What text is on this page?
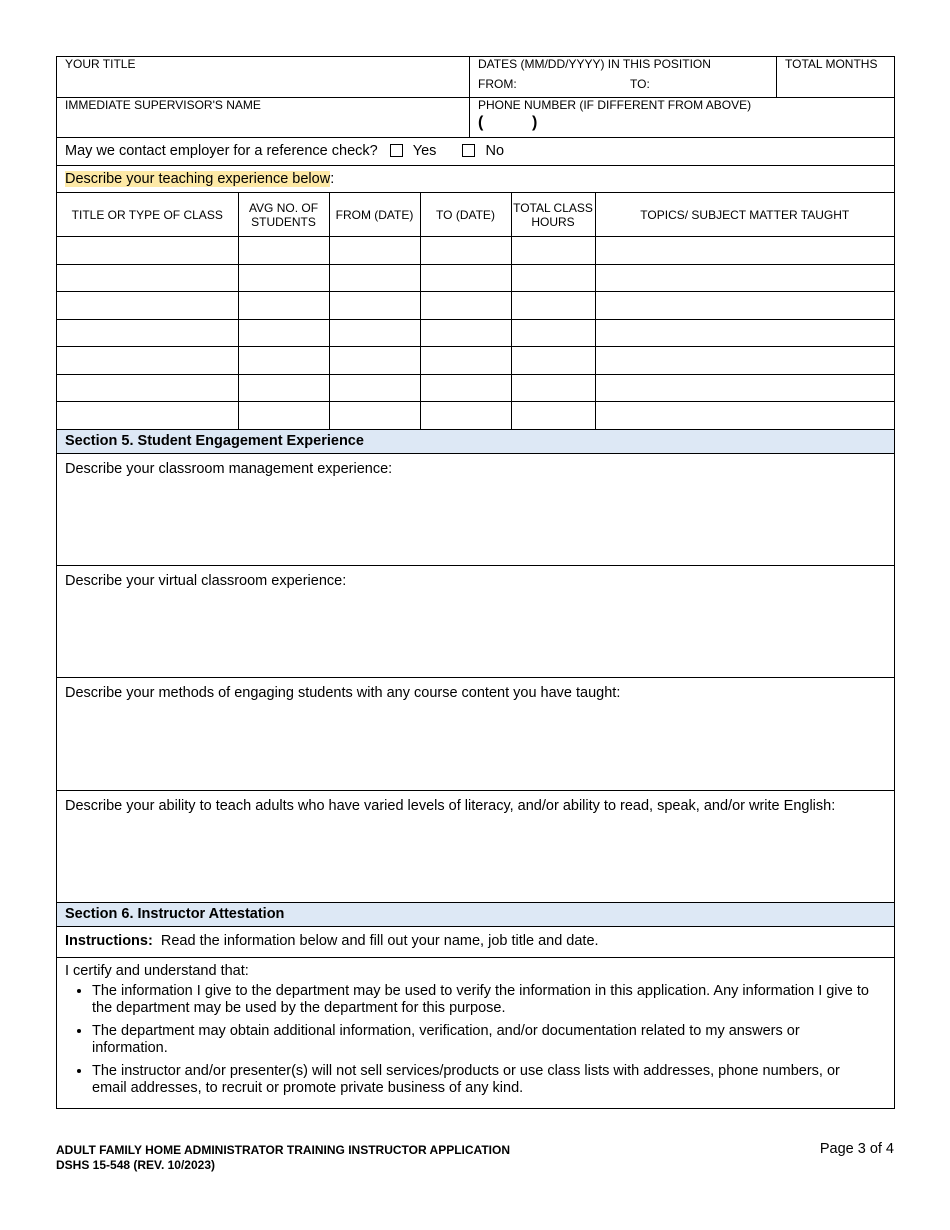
YOUR TITLE	DATES (MM/DD/YYYY) IN THIS POSITION
FROM:	TO:
TOTAL MONTHS
IMMEDIATE SUPERVISOR'S NAME	PHONE NUMBER (IF DIFFERENT FROM ABOVE)
(	)
May we contact employer for a reference check? Yes	No
Describe your teaching experience below:
TITLE OR TYPE OF CLASS	AVG NO. OF STUDENTS	FROM (DATE)	TO (DATE)	TOTAL CLASS HOURS	TOPICS/ SUBJECT MATTER TAUGHT

Section 5. Student Engagement Experience
Describe your classroom management experience:
Describe your virtual classroom experience:
Describe your methods of engaging students with any course content you have taught:
Describe your ability to teach adults who have varied levels of literacy, and/or ability to read, speak, and/or write English:
Section 6. Instructor Attestation
Instructions: Read the information below and fill out your name, job title and date.
I certify and understand that:
• The information I give to the department may be used to verify the information in this application. Any information I give to the department may be used by the department for this purpose.
• The department may obtain additional information, verification, and/or documentation related to my answers or information.
• The instructor and/or presenter(s) will not sell services/products or use class lists with addresses, phone numbers, or email addresses, to recruit or promote private business of any kind.
ADULT FAMILY HOME ADMINISTRATOR TRAINING INSTRUCTOR APPLICATION
DSHS 15-548 (REV. 10/2023)
Page 3 of 4
